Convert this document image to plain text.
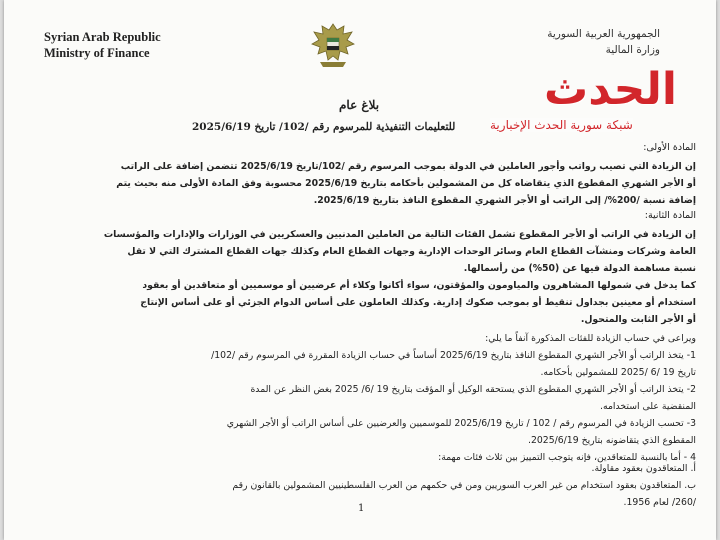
Syrian Arab Republic
Ministry of Finance
الجمهورية العربية السورية
وزارة المالية
الحدث
شبكة سورية الحدث الإخبارية
بلاغ عام
للتعليمات التنفيذية للمرسوم رقم /102/ تاريخ 2025/6/19
المادة الأولى:
إن الزيادة التي تصيب رواتب وأجور العاملين في الدولة بموجب المرسوم رقم /102/تاريخ 2025/6/19 تتضمن إضافة على الراتب
أو الأجر الشهري المقطوع الذي يتقاضاه كل من المشمولين بأحكامه بتاريخ 2025/6/19 محسوبة وفق المادة الأولى منه بحيث يتم
إضافة نسبة /200%/ إلى الراتب أو الأجر الشهري المقطوع النافذ بتاريخ 2025/6/19.
المادة الثانية:
إن الزيادة في الراتب أو الأجر المقطوع تشمل الفئات التالية من العاملين المدنيين والعسكريين في الوزارات والإدارات والمؤسسات
العامة وشركات ومنشآت القطاع العام وسائر الوحدات الإدارية وجهات القطاع العام وكذلك جهات القطاع المشترك التي لا تقل
نسبة مساهمة الدولة فيها عن (50%) من رأسمالها.
كما يدخل في شمولها المشاهرون والمياومون والمؤقتون، سواء أكانوا وكلاء أم عرضيين أو موسميين أو متعاقدين أو بعقود
استخدام أو معينين بجداول تنقيط أو بموجب صكوك إدارية. وكذلك العاملون على أساس الدوام الجزئي أو على أساس الإنتاج
أو الأجر الثابت والمتحول.
ويراعى في حساب الزيادة للفئات المذكورة آنفاً ما يلي:
1- يتخذ الراتب أو الأجر الشهري المقطوع النافذ بتاريخ 2025/6/19 أساساً في حساب الزيادة المقررة في المرسوم رقم /102/
تاريخ 19 /6 /2025 للمشمولين بأحكامه.
2- يتخذ الراتب أو الأجر الشهري المقطوع الذي يستحقه الوكيل أو المؤقت بتاريخ 19 /6/ 2025 بغض النظر عن المدة
المنقضية على استخدامه.
3- تحسب الزيادة في المرسوم رقم / 102 / تاريخ 2025/6/19 للموسميين والعرضيين على أساس الراتب أو الأجر الشهري
المقطوع الذي يتقاضونه بتاريخ 2025/6/19.
4 - أما بالنسبة للمتعاقدين، فإنه يتوجب التمييز بين ثلاث فئات مهمة:
أ. المتعاقدون بعقود مقاولة.
ب. المتعاقدون بعقود استخدام من غير العرب السوريين ومن في حكمهم من العرب الفلسطينيين المشمولين بالقانون رقم
/260/ لعام 1956.
1
